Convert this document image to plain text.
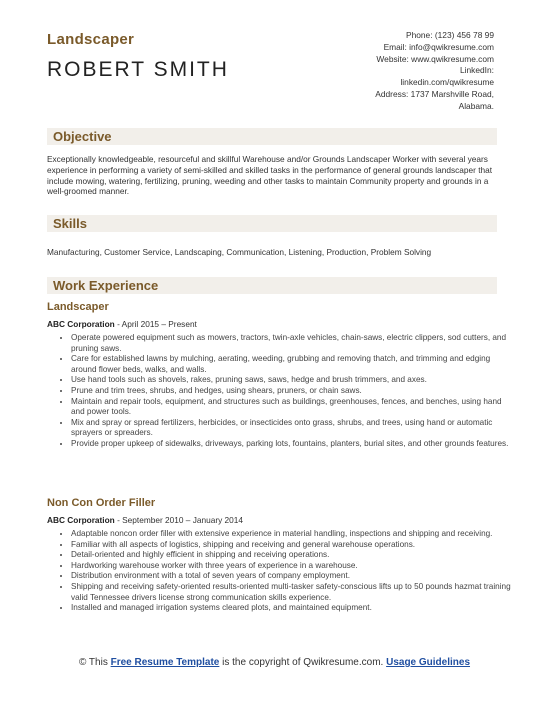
Landscaper
ROBERT SMITH
Phone: (123) 456 78 99
Email: info@qwikresume.com
Website: www.qwikresume.com
LinkedIn:
linkedin.com/qwikresume
Address: 1737 Marshville Road,
Alabama.
Objective
Exceptionally knowledgeable, resourceful and skillful Warehouse and/or Grounds Landscaper Worker with several years experience in performing a variety of semi-skilled and skilled tasks in the performance of general grounds landscaper that include mowing, watering, fertilizing, pruning, weeding and other tasks to maintain Community property and grounds in a well-groomed manner.
Skills
Manufacturing, Customer Service, Landscaping, Communication, Listening, Production, Problem Solving
Work Experience
Landscaper
ABC Corporation - April 2015 – Present
• Operate powered equipment such as mowers, tractors, twin-axle vehicles, chain-saws, electric clippers, sod cutters, and pruning saws.
• Care for established lawns by mulching, aerating, weeding, grubbing and removing thatch, and trimming and edging around flower beds, walks, and walls.
• Use hand tools such as shovels, rakes, pruning saws, saws, hedge and brush trimmers, and axes.
• Prune and trim trees, shrubs, and hedges, using shears, pruners, or chain saws.
• Maintain and repair tools, equipment, and structures such as buildings, greenhouses, fences, and benches, using hand and power tools.
• Mix and spray or spread fertilizers, herbicides, or insecticides onto grass, shrubs, and trees, using hand or automatic sprayers or spreaders.
• Provide proper upkeep of sidewalks, driveways, parking lots, fountains, planters, burial sites, and other grounds features.
Non Con Order Filler
ABC Corporation - September 2010 – January 2014
• Adaptable noncon order filler with extensive experience in material handling, inspections and shipping and receiving.
• Familiar with all aspects of logistics, shipping and receiving and general warehouse operations.
• Detail-oriented and highly efficient in shipping and receiving operations.
• Hardworking warehouse worker with three years of experience in a warehouse.
• Distribution environment with a total of seven years of company employment.
• Shipping and receiving safety-oriented results-oriented multi-tasker safety-conscious lifts up to 50 pounds hazmat training valid Tennessee drivers license strong communication skills experience.
• Installed and managed irrigation systems cleared plots, and maintained equipment.
© This Free Resume Template is the copyright of Qwikresume.com. Usage Guidelines
